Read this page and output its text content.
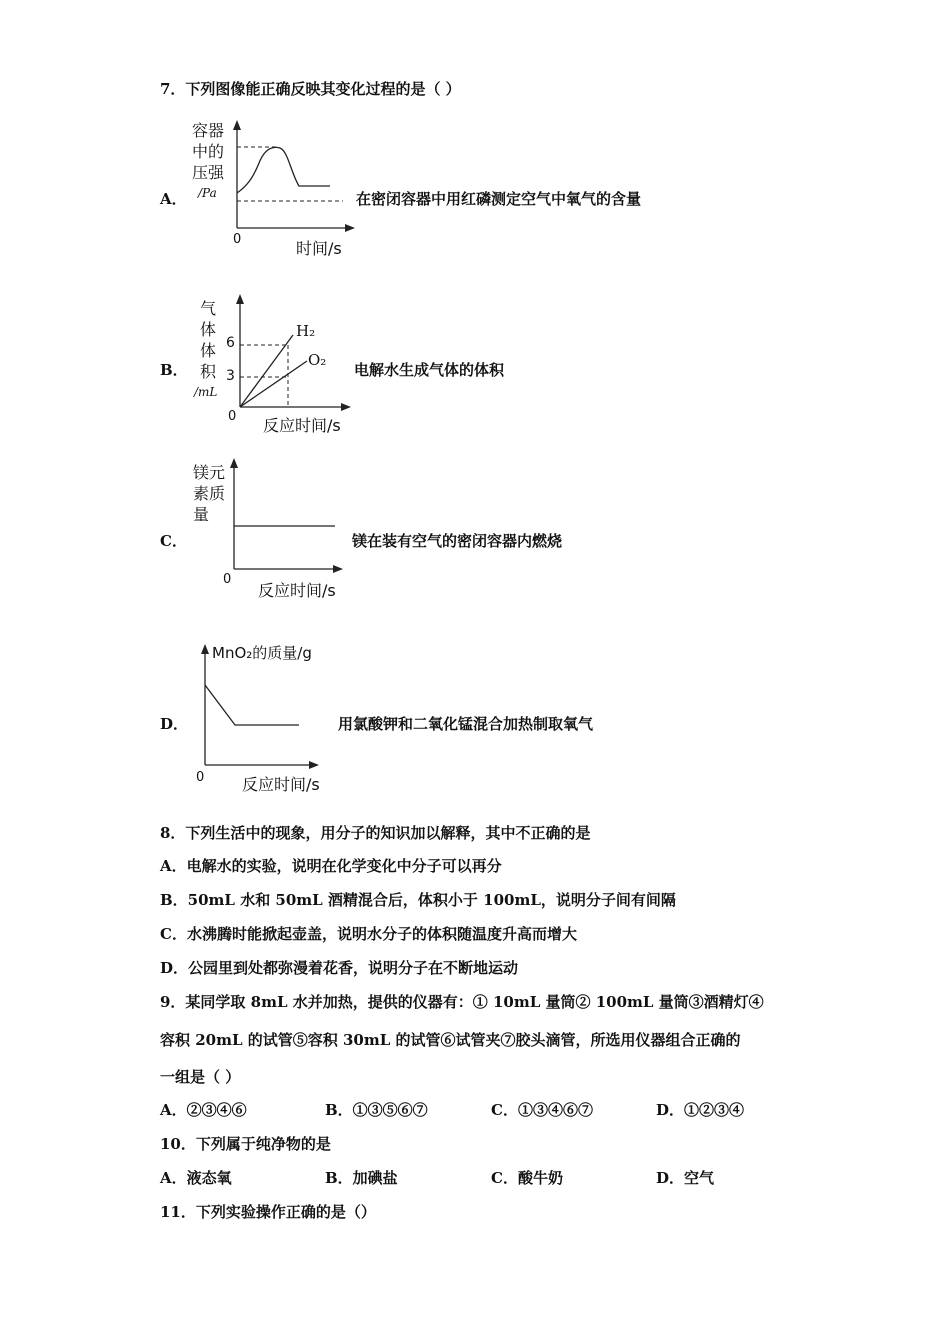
7．下列图像能正确反映其变化过程的是（ ）
A．
容器
中的
压强
/Pa
0	时间/s
在密闭容器中用红磷测定空气中氧气的含量
B．
气
体
体
积
/mL
6
3
0
H₂
O₂
反应时间/s
电解水生成气体的体积
C．
镁元
素质
量
0
反应时间/s
镁在装有空气的密闭容器内燃烧
D．
MnO₂的质量/g
0 反应时间/s
用氯酸钾和二氧化锰混合加热制取氧气
8．下列生活中的现象，用分子的知识加以解释，其中不正确的是
A．电解水的实验，说明在化学变化中分子可以再分
B．50mL 水和 50mL 酒精混合后，体积小于 100mL，说明分子间有间隔
C．水沸腾时能掀起壶盖，说明水分子的体积随温度升高而增大
D．公园里到处都弥漫着花香，说明分子在不断地运动
9．某同学取 8mL 水并加热，提供的仪器有：① 10mL 量筒② 100mL 量筒③酒精灯④
容积 20mL 的试管⑤容积 30mL 的试管⑥试管夹⑦胶头滴管，所选用仪器组合正确的
一组是（ ）
A．②③④⑥	B．①③⑤⑥⑦	C．①③④⑥⑦	D．①②③④
10．下列属于纯净物的是
A．液态氧	B．加碘盐	C．酸牛奶	D．空气
11．下列实验操作正确的是（）
